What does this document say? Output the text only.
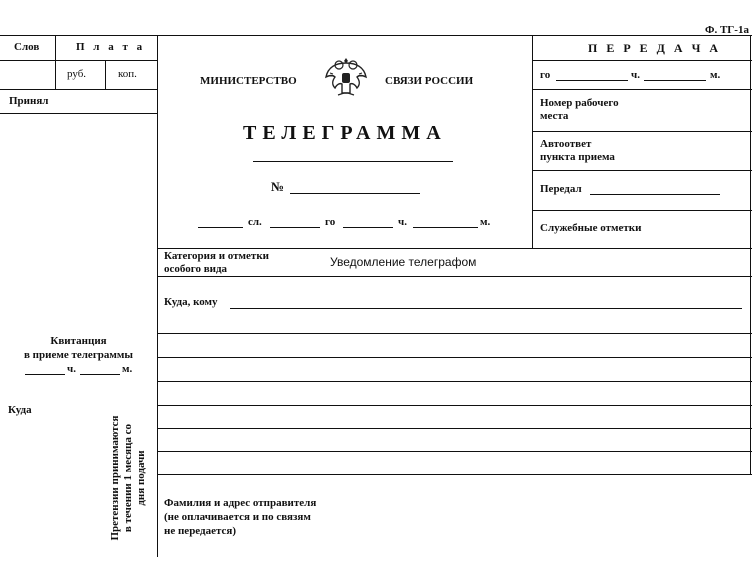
Ф. ТГ-1а
Слов	П л а т а
руб.	коп.
Принял
Квитанция
в приеме телеграммы
ч.	м.
Куда
Претензии принимаются
в течении 1 месяца со
дня подачи
МИНИСТЕРСТВО	СВЯЗИ РОССИИ
ТЕЛЕГРАММА
№
сл.	го	ч.	м.
П Е Р Е Д А Ч А
го	ч.	м.
Номер рабочего
места
Автоответ
пункта приема
Передал
Служебные отметки
Категория и отметки
особого вида	Уведомление телеграфом
Куда, кому
Фамилия и адрес отправителя
(не оплачивается и по связям
не передается)
